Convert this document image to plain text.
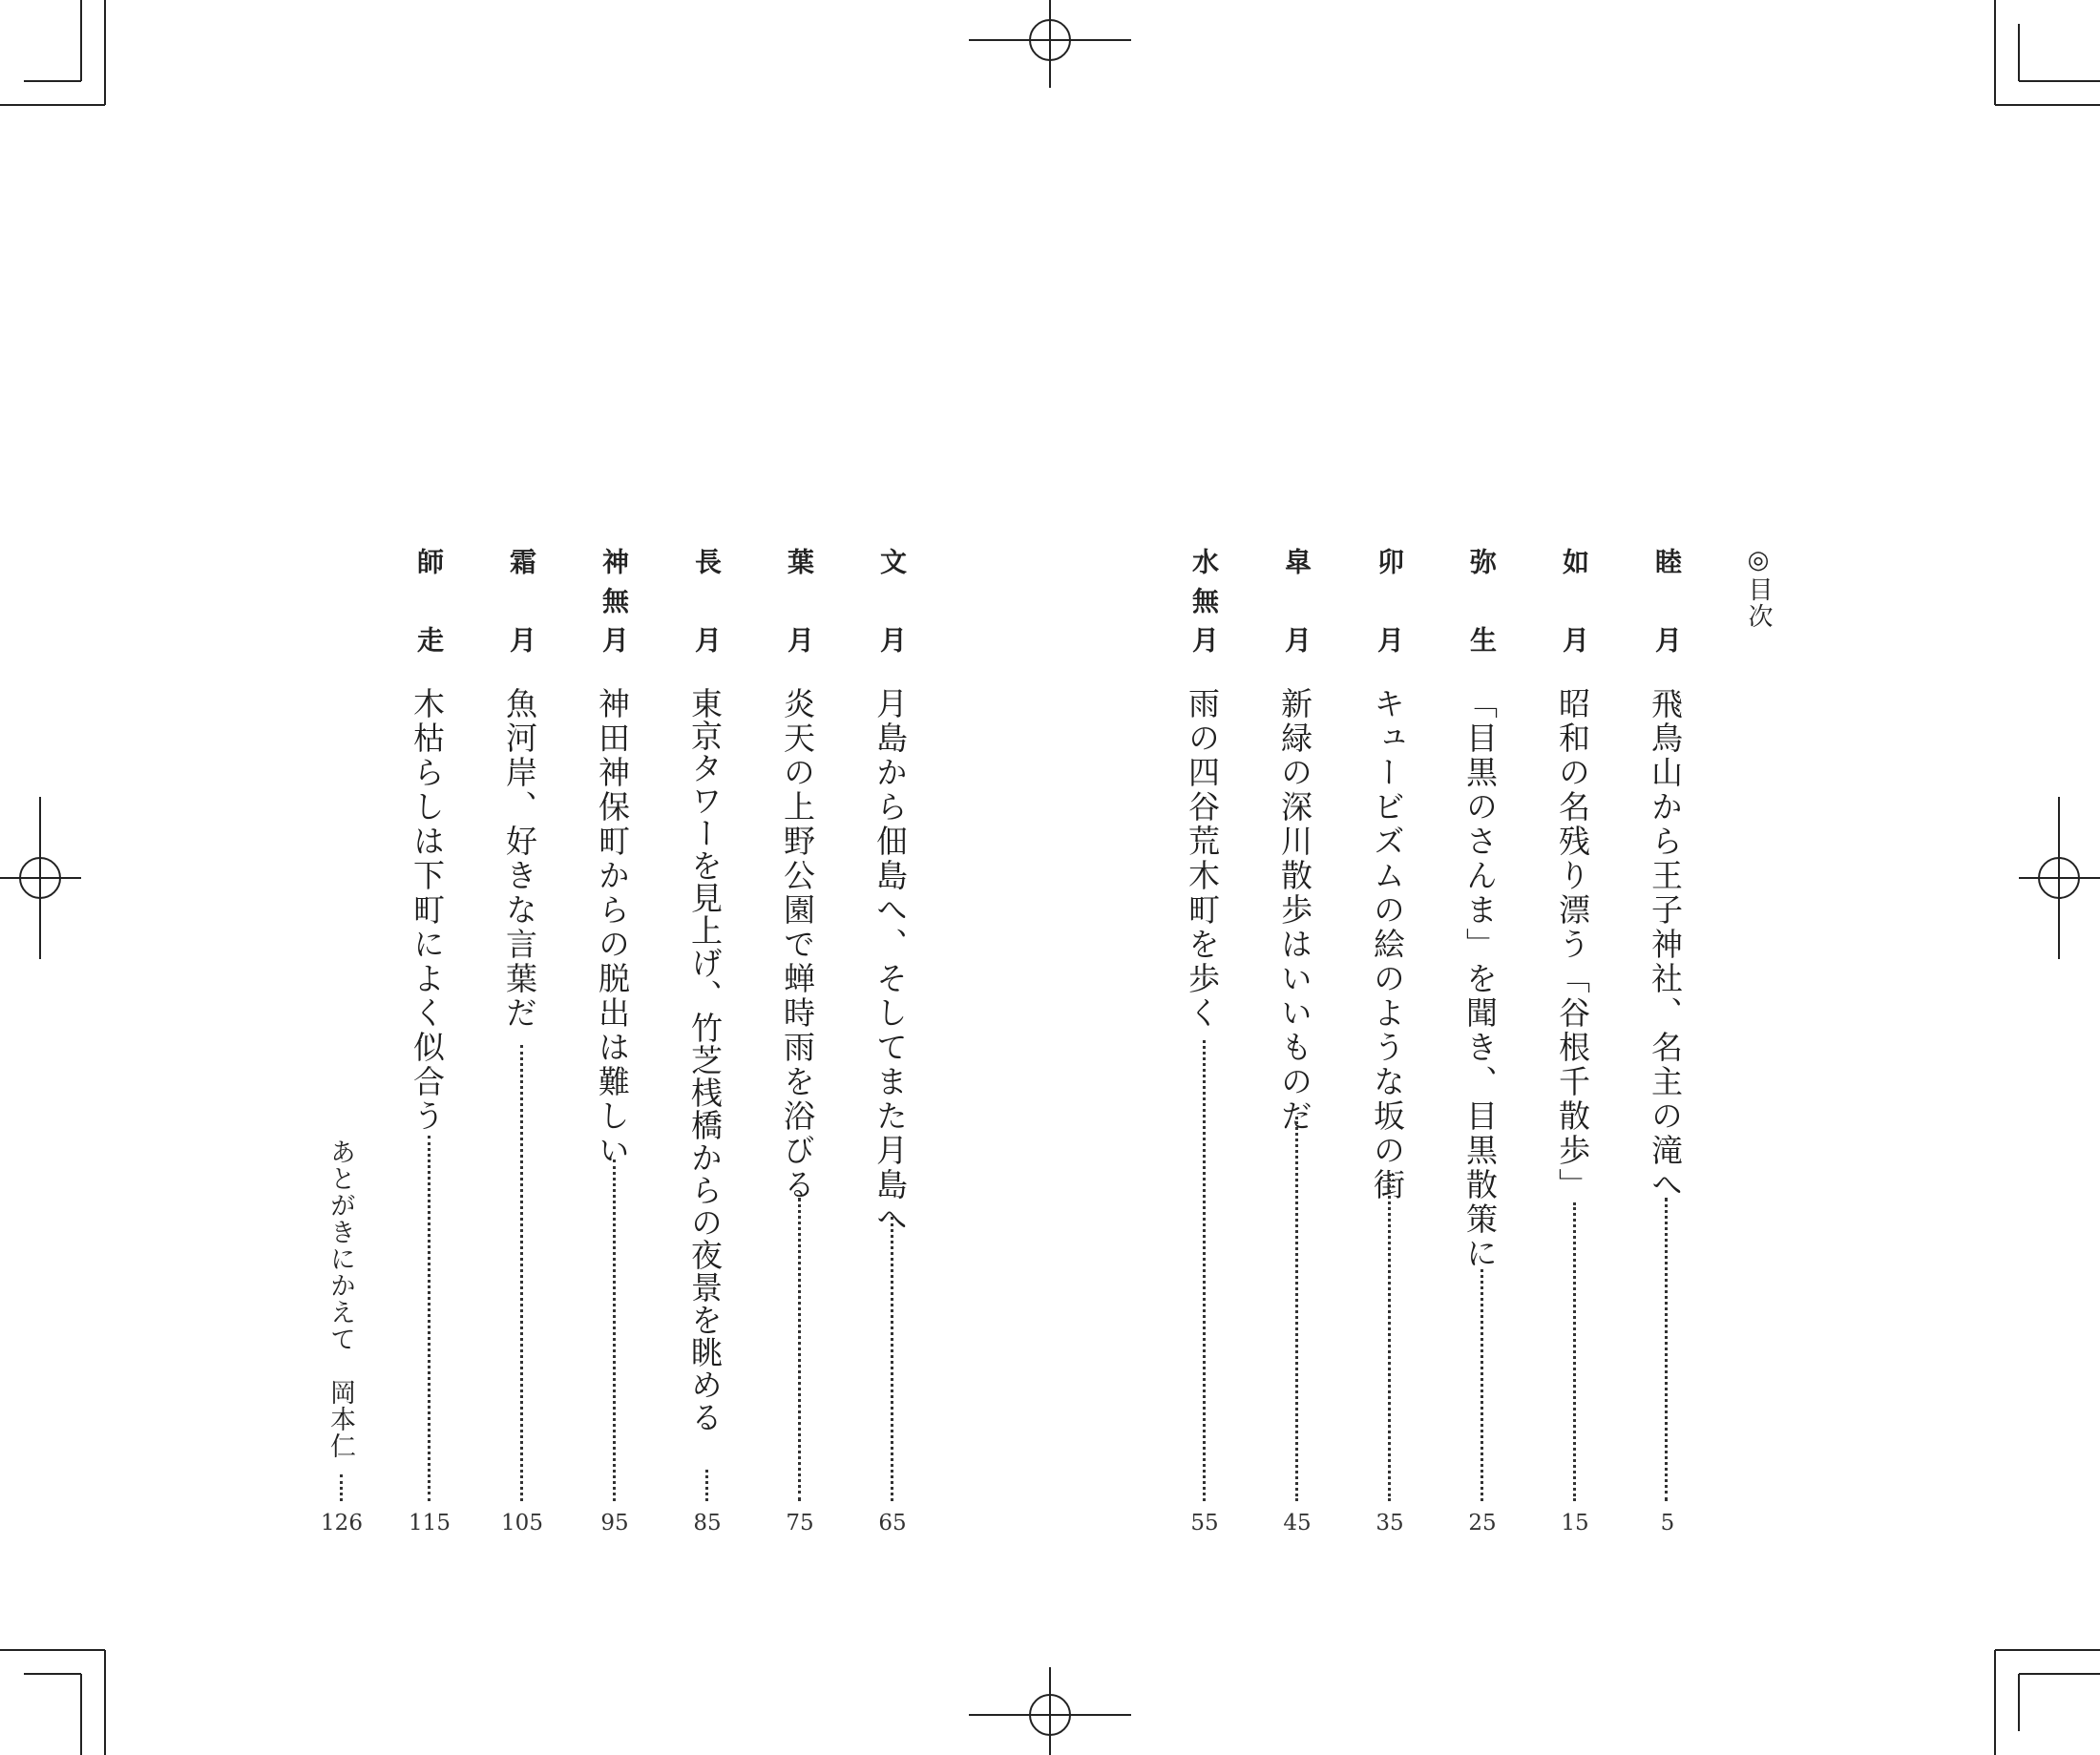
◎目次
睦月
飛鳥山から王子神社、名主の滝へ
5
如月
昭和の名残り漂う「谷根千散歩」
15
弥生
「目黒のさんま」を聞き、目黒散策に
25
卯月
キュービズムの絵のような坂の街
35
皐月
新緑の深川散歩はいいものだ
45
水無月
雨の四谷荒木町を歩く
55
文月
月島から佃島へ、そしてまた月島へ
65
葉月
炎天の上野公園で蝉時雨を浴びる
75
長月
東京タワーを見上げ、竹芝桟橋からの夜景を眺める
85
神無月
神田神保町からの脱出は難しい
95
霜月
魚河岸、好きな言葉だ
105
師走
木枯らしは下町によく似合う
115
あとがきにかえて　岡本仁
126
